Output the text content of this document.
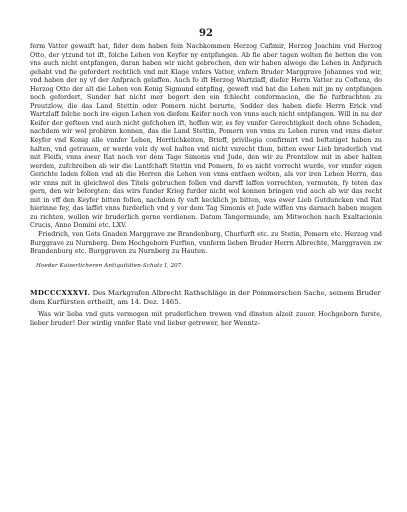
92

ferm Vatter gewaift hat, fider dem haben fein Nachkommen Herzog Cafimir, Herzog Joachim vnd Herzog Otto, der ytzund tot ift, folche Lehen von Keyfer ny entpfangen. Ab fie aber tagen wolten fie betten die von vns auch nicht entpfangen, daran haben wir nicht gebrechen, den wir haben alwege die Lehen in Anfpruch gehabt vnd fie gefordert rechtlich vnd mit Klage vnfers Vatter, vnfern Bruder Marggrave Johannes vnd wir, vnd haben der ny vf der Anfprach gelaffen. Auch fo ift Herzog Wartzlaff, diefer Herrn Vatter zu Coftenz, do Herzog Otto der alt die Lehen von Konig Sigmund entpfing, geweft vnd hat die Lehen mit jm ny entpfangen noch gefordert, Sunder hat nicht mer begert den ein fchlecht conformacion, die fie furbrachten zu Preutzlow, die das Land Stettin oder Pomern nicht berurte, Sodder des haben diefe Herrn Erick vnd Wartzlaff folche noch ire eigen Lehen von diefem Keifer noch von vnns auch nicht entpfangen. Will in nu der Keifer der gefteen vnd auch nicht gefchehen ift, hoffen wir, es fey vnnfer Gerechtigkeit doch ohne Schaden, nachdem wir wol probiren konnen, das die Land Stettin, Pomern von vnns zu Lehen ruren vnd vnns dieter Keyfer vnd Konig alle vnnfer Lehen, Herrlichkeiten, Brieff, privilegia confirmirt vnd beftatiget haben zu halten, vnd getrauen, er werde volz dy wol halten vnd nicht vnrecht thun, bitten ewer Lieb bruderlich vnd mit Fleifs, vnns ewer Rat noch vor dem Tage Simonis vnd Jude, den wir zu Prentzlow mit in aber halten werden, zufchreiben ab wir die Lantfchaft Stettin vnd Pomern, fo es nicht vorrecht wurde, vor vnnfer eigen Gerichte laden follen vnd ab die Herren die Lehen von vnns entfaen wolten, als vor iren Lehen Herrn, das wir vnns mit in gleichwol des Titels gebruchen follen vnd darvff laffen vorrechten, vermuten, fy teten das gern, den wir beforgten: das wirs funder Krieg furder nicht wol konnen bringen vnd auch ab wir das recht mit in vff den Keyfer bitten follen, nachdem fy vaft kecklich jn bitten, was ewer Lieb Gutduncken vnd Rat hierinne fey, das laffet vnns furderlich vnd y vor dem Tag Simonis et Jude wiffen vns darnach haben mugen zu richten, wollen wir bruderlich gerne verdienen. Datum Tangermunde, am Mitwochen nach Exaltacionis Crucis, Anno Domini etc. LXV.

Friedrich, von Gots Gnaden Marggrave zw Brandenburg, Churfurft etc. zu Stetin, Pomern etc. Herzog vnd Burggrave zu Nurnberg. Dem Hochgeborn Furften, vnnferm lieben Bruder Herrn Albrechte, Marggraven zw Brandenburg etc. Burggraven zu Nurnberg zu Hauten.

Hoeder Kaiserlicheren Antiquitäten-Schatz I, 207.

MDCCCXXXVI. Des Markgrafen Albrecht Rathschläge in der Pommerschen Sache, seinem Bruder dem Kurfürsten ertheilt, am 14. Dez. 1465.

Was wir lieba vnd guts vermogen mit pruderlichen trewen vnd dinsten alzeit zuuor. Hochgeborn furste, lieber bruder! Der wirdig vnnfer Rate vnd lieber getrewer, her Wenntz-
